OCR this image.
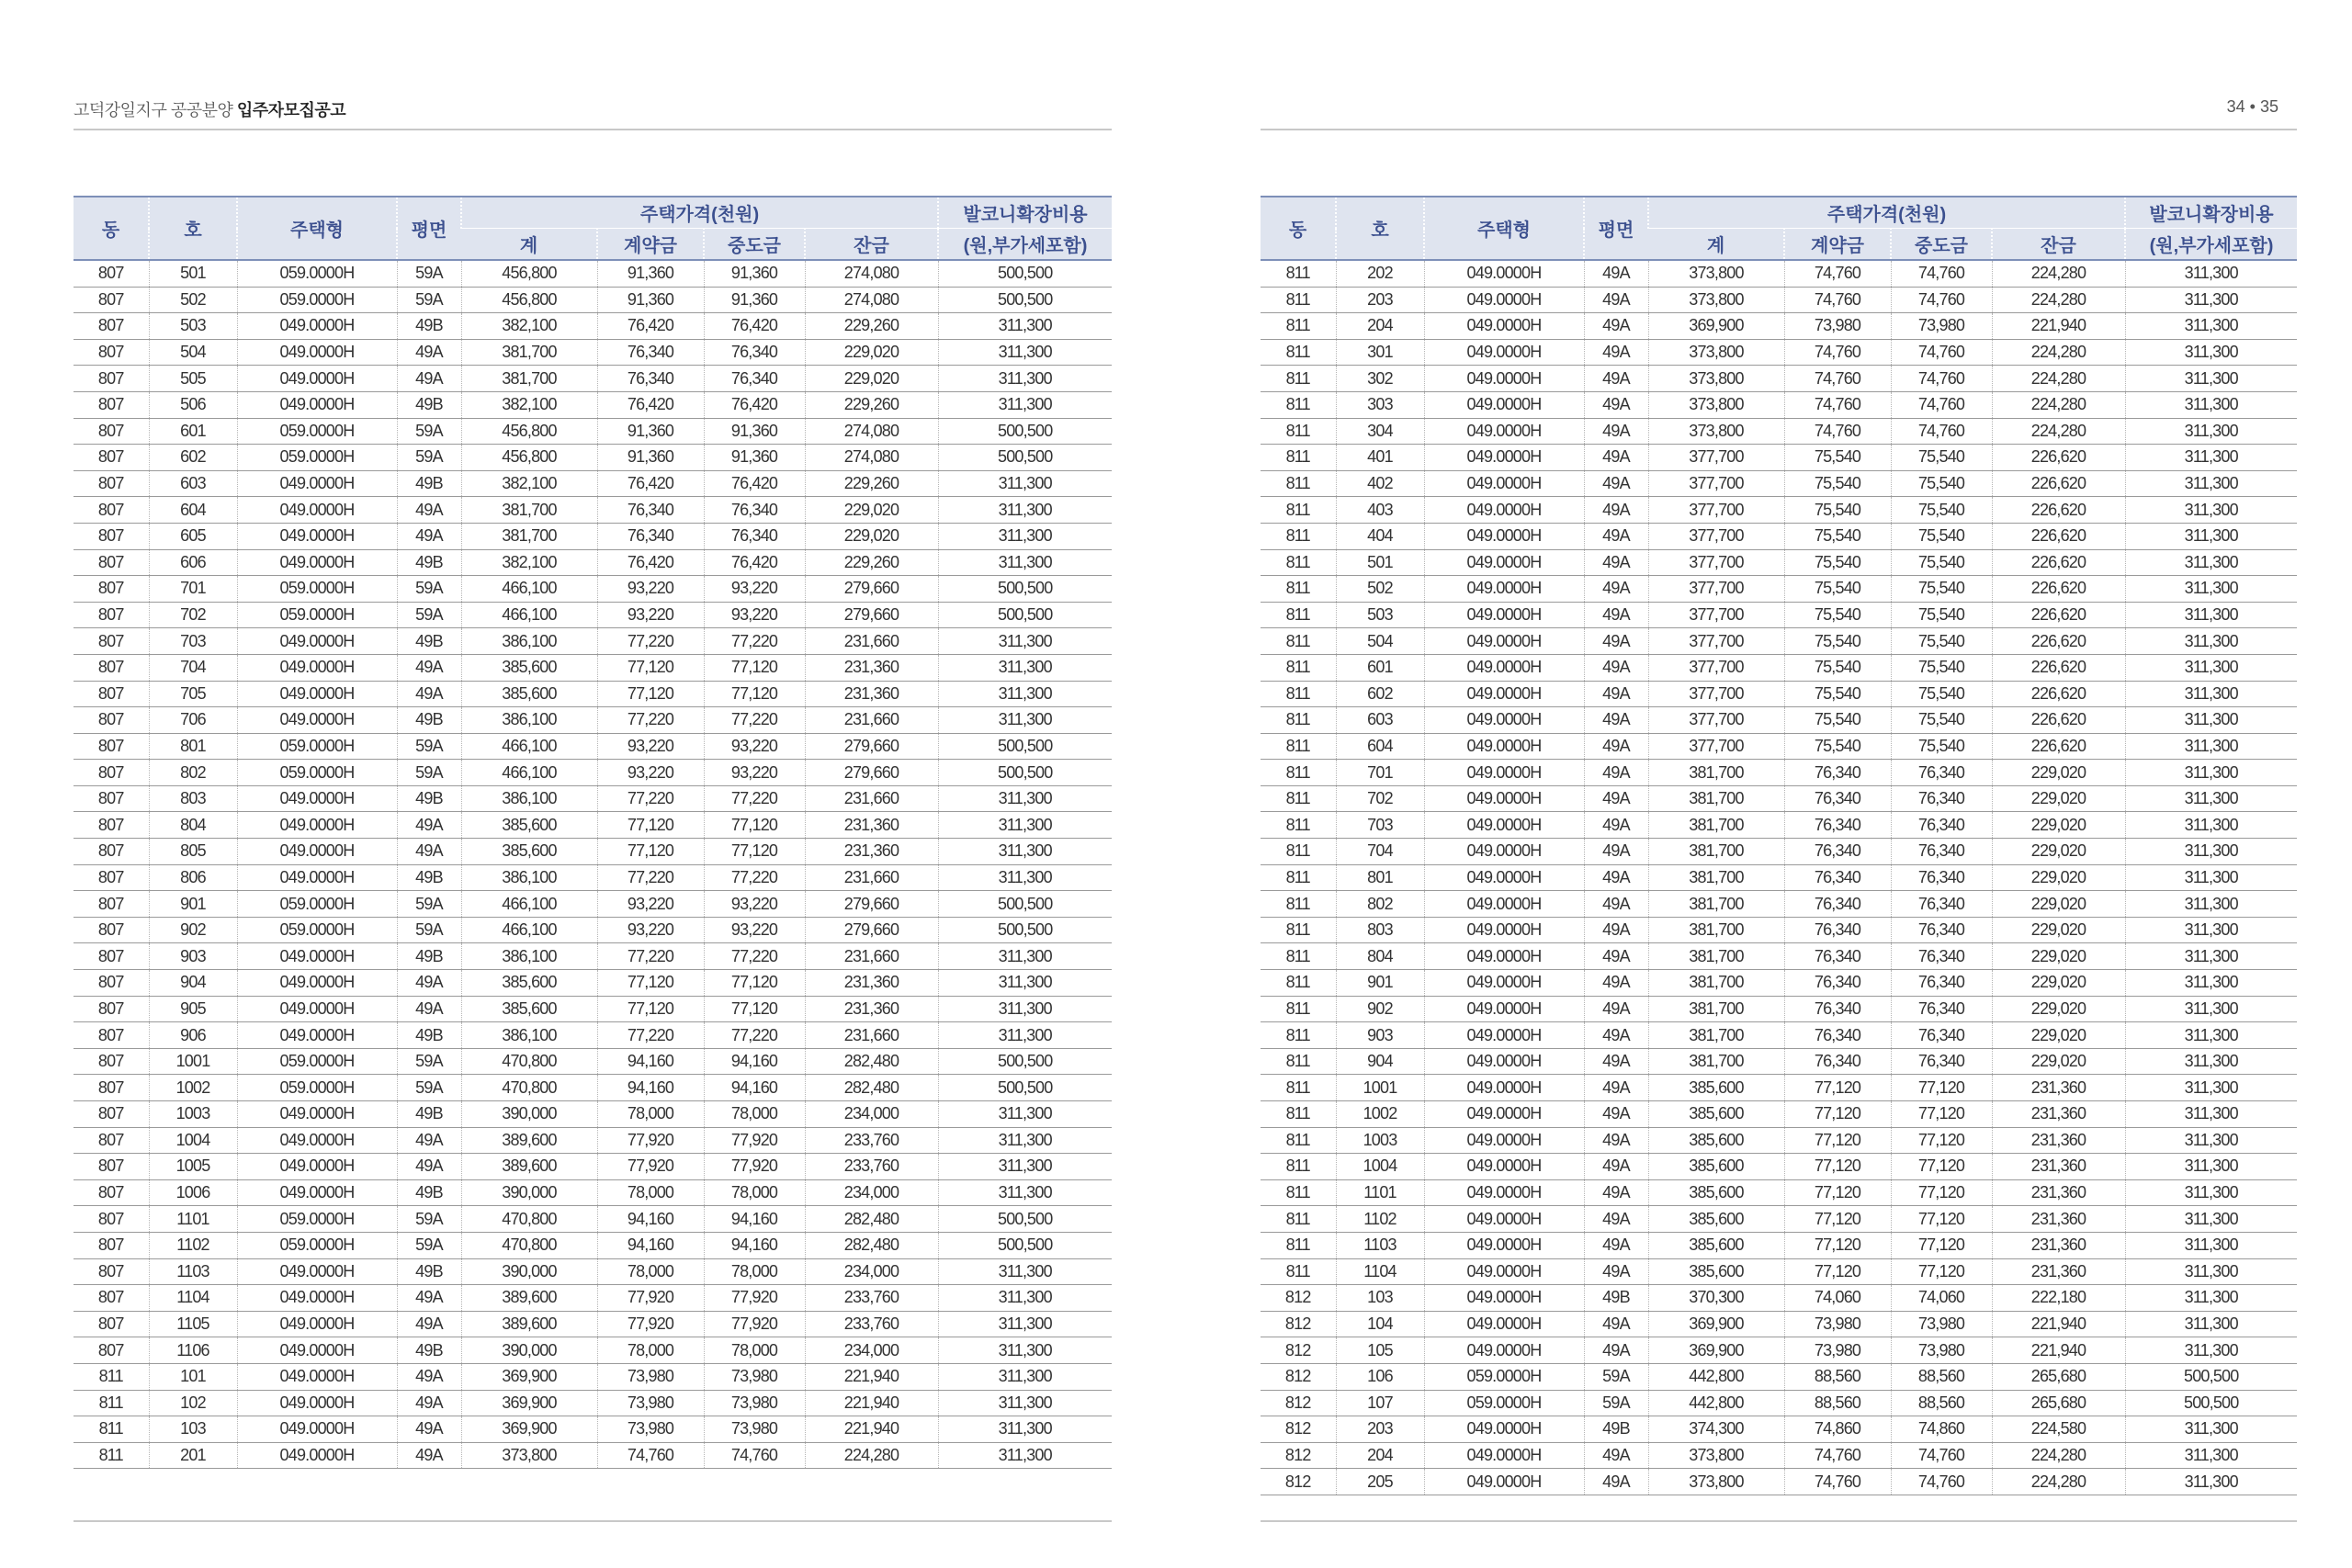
고덕강일지구 공공분양 입주자모집공고	34 • 35
동	호	주택형	평면	주택가격(천원)				발코니확장비용
				계	계약금	중도금	잔금	(원,부가세포함)
807	501	059.0000H	59A	456,800	91,360	91,360	274,080	500,500
807	502	059.0000H	59A	456,800	91,360	91,360	274,080	500,500
807	503	049.0000H	49B	382,100	76,420	76,420	229,260	311,300
807	504	049.0000H	49A	381,700	76,340	76,340	229,020	311,300
807	505	049.0000H	49A	381,700	76,340	76,340	229,020	311,300
807	506	049.0000H	49B	382,100	76,420	76,420	229,260	311,300
807	601	059.0000H	59A	456,800	91,360	91,360	274,080	500,500
807	602	059.0000H	59A	456,800	91,360	91,360	274,080	500,500
807	603	049.0000H	49B	382,100	76,420	76,420	229,260	311,300
807	604	049.0000H	49A	381,700	76,340	76,340	229,020	311,300
807	605	049.0000H	49A	381,700	76,340	76,340	229,020	311,300
807	606	049.0000H	49B	382,100	76,420	76,420	229,260	311,300
807	701	059.0000H	59A	466,100	93,220	93,220	279,660	500,500
807	702	059.0000H	59A	466,100	93,220	93,220	279,660	500,500
807	703	049.0000H	49B	386,100	77,220	77,220	231,660	311,300
807	704	049.0000H	49A	385,600	77,120	77,120	231,360	311,300
807	705	049.0000H	49A	385,600	77,120	77,120	231,360	311,300
807	706	049.0000H	49B	386,100	77,220	77,220	231,660	311,300
807	801	059.0000H	59A	466,100	93,220	93,220	279,660	500,500
807	802	059.0000H	59A	466,100	93,220	93,220	279,660	500,500
807	803	049.0000H	49B	386,100	77,220	77,220	231,660	311,300
807	804	049.0000H	49A	385,600	77,120	77,120	231,360	311,300
807	805	049.0000H	49A	385,600	77,120	77,120	231,360	311,300
807	806	049.0000H	49B	386,100	77,220	77,220	231,660	311,300
807	901	059.0000H	59A	466,100	93,220	93,220	279,660	500,500
807	902	059.0000H	59A	466,100	93,220	93,220	279,660	500,500
807	903	049.0000H	49B	386,100	77,220	77,220	231,660	311,300
807	904	049.0000H	49A	385,600	77,120	77,120	231,360	311,300
807	905	049.0000H	49A	385,600	77,120	77,120	231,360	311,300
807	906	049.0000H	49B	386,100	77,220	77,220	231,660	311,300
807	1001	059.0000H	59A	470,800	94,160	94,160	282,480	500,500
807	1002	059.0000H	59A	470,800	94,160	94,160	282,480	500,500
807	1003	049.0000H	49B	390,000	78,000	78,000	234,000	311,300
807	1004	049.0000H	49A	389,600	77,920	77,920	233,760	311,300
807	1005	049.0000H	49A	389,600	77,920	77,920	233,760	311,300
807	1006	049.0000H	49B	390,000	78,000	78,000	234,000	311,300
807	1101	059.0000H	59A	470,800	94,160	94,160	282,480	500,500
807	1102	059.0000H	59A	470,800	94,160	94,160	282,480	500,500
807	1103	049.0000H	49B	390,000	78,000	78,000	234,000	311,300
807	1104	049.0000H	49A	389,600	77,920	77,920	233,760	311,300
807	1105	049.0000H	49A	389,600	77,920	77,920	233,760	311,300
807	1106	049.0000H	49B	390,000	78,000	78,000	234,000	311,300
811	101	049.0000H	49A	369,900	73,980	73,980	221,940	311,300
811	102	049.0000H	49A	369,900	73,980	73,980	221,940	311,300
811	103	049.0000H	49A	369,900	73,980	73,980	221,940	311,300
811	201	049.0000H	49A	373,800	74,760	74,760	224,280	311,300
동	호	주택형	평면	주택가격(천원)				발코니확장비용
				계	계약금	중도금	잔금	(원,부가세포함)
811	202	049.0000H	49A	373,800	74,760	74,760	224,280	311,300
811	203	049.0000H	49A	373,800	74,760	74,760	224,280	311,300
811	204	049.0000H	49A	369,900	73,980	73,980	221,940	311,300
811	301	049.0000H	49A	373,800	74,760	74,760	224,280	311,300
811	302	049.0000H	49A	373,800	74,760	74,760	224,280	311,300
811	303	049.0000H	49A	373,800	74,760	74,760	224,280	311,300
811	304	049.0000H	49A	373,800	74,760	74,760	224,280	311,300
811	401	049.0000H	49A	377,700	75,540	75,540	226,620	311,300
811	402	049.0000H	49A	377,700	75,540	75,540	226,620	311,300
811	403	049.0000H	49A	377,700	75,540	75,540	226,620	311,300
811	404	049.0000H	49A	377,700	75,540	75,540	226,620	311,300
811	501	049.0000H	49A	377,700	75,540	75,540	226,620	311,300
811	502	049.0000H	49A	377,700	75,540	75,540	226,620	311,300
811	503	049.0000H	49A	377,700	75,540	75,540	226,620	311,300
811	504	049.0000H	49A	377,700	75,540	75,540	226,620	311,300
811	601	049.0000H	49A	377,700	75,540	75,540	226,620	311,300
811	602	049.0000H	49A	377,700	75,540	75,540	226,620	311,300
811	603	049.0000H	49A	377,700	75,540	75,540	226,620	311,300
811	604	049.0000H	49A	377,700	75,540	75,540	226,620	311,300
811	701	049.0000H	49A	381,700	76,340	76,340	229,020	311,300
811	702	049.0000H	49A	381,700	76,340	76,340	229,020	311,300
811	703	049.0000H	49A	381,700	76,340	76,340	229,020	311,300
811	704	049.0000H	49A	381,700	76,340	76,340	229,020	311,300
811	801	049.0000H	49A	381,700	76,340	76,340	229,020	311,300
811	802	049.0000H	49A	381,700	76,340	76,340	229,020	311,300
811	803	049.0000H	49A	381,700	76,340	76,340	229,020	311,300
811	804	049.0000H	49A	381,700	76,340	76,340	229,020	311,300
811	901	049.0000H	49A	381,700	76,340	76,340	229,020	311,300
811	902	049.0000H	49A	381,700	76,340	76,340	229,020	311,300
811	903	049.0000H	49A	381,700	76,340	76,340	229,020	311,300
811	904	049.0000H	49A	381,700	76,340	76,340	229,020	311,300
811	1001	049.0000H	49A	385,600	77,120	77,120	231,360	311,300
811	1002	049.0000H	49A	385,600	77,120	77,120	231,360	311,300
811	1003	049.0000H	49A	385,600	77,120	77,120	231,360	311,300
811	1004	049.0000H	49A	385,600	77,120	77,120	231,360	311,300
811	1101	049.0000H	49A	385,600	77,120	77,120	231,360	311,300
811	1102	049.0000H	49A	385,600	77,120	77,120	231,360	311,300
811	1103	049.0000H	49A	385,600	77,120	77,120	231,360	311,300
811	1104	049.0000H	49A	385,600	77,120	77,120	231,360	311,300
812	103	049.0000H	49B	370,300	74,060	74,060	222,180	311,300
812	104	049.0000H	49A	369,900	73,980	73,980	221,940	311,300
812	105	049.0000H	49A	369,900	73,980	73,980	221,940	311,300
812	106	059.0000H	59A	442,800	88,560	88,560	265,680	500,500
812	107	059.0000H	59A	442,800	88,560	88,560	265,680	500,500
812	203	049.0000H	49B	374,300	74,860	74,860	224,580	311,300
812	204	049.0000H	49A	373,800	74,760	74,760	224,280	311,300
812	205	049.0000H	49A	373,800	74,760	74,760	224,280	311,300
